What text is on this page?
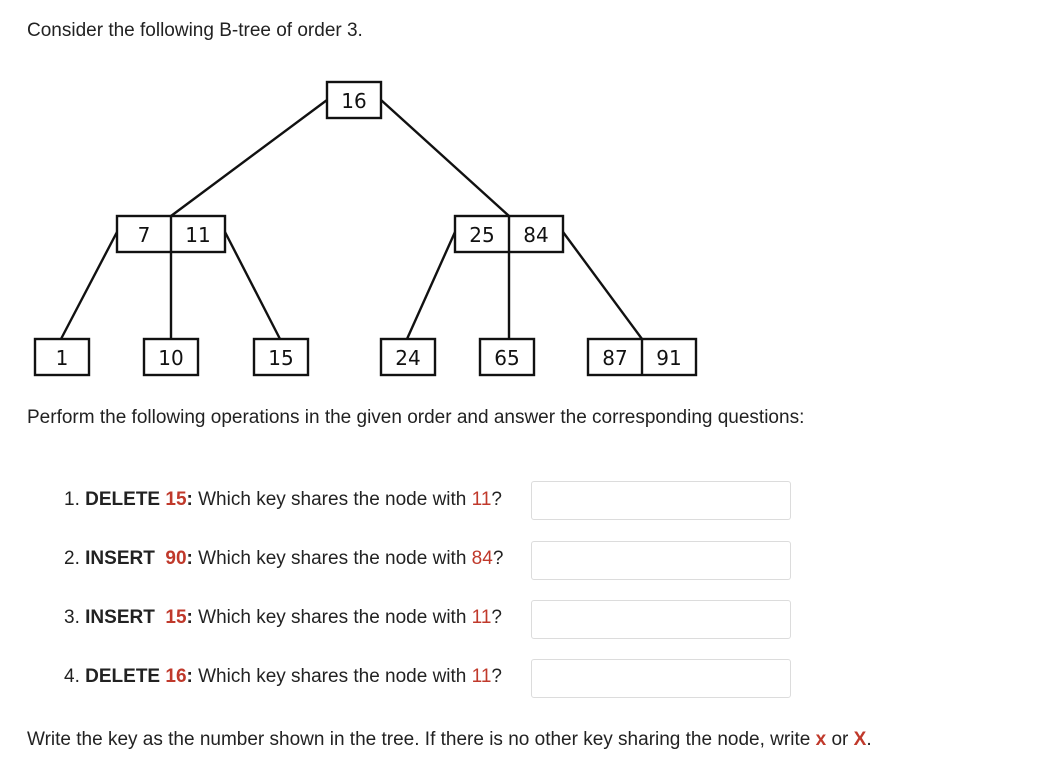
Consider the following B-tree of order 3.
16
7 11	25 84
1	10	15	24	65	87 91
Perform the following operations in the given order and answer the corresponding questions:
1.
DELETE
15 :
Which key shares the node with
11 ?
2.
INSERT
90 :
Which key shares the node with
84 ?
3.
INSERT
15 :
Which key shares the node with
11 ?
4.
DELETE
16 :
Which key shares the node with
11 ?
Write the key as the number shown in the tree. If there is no other key sharing the node, write x or X.
